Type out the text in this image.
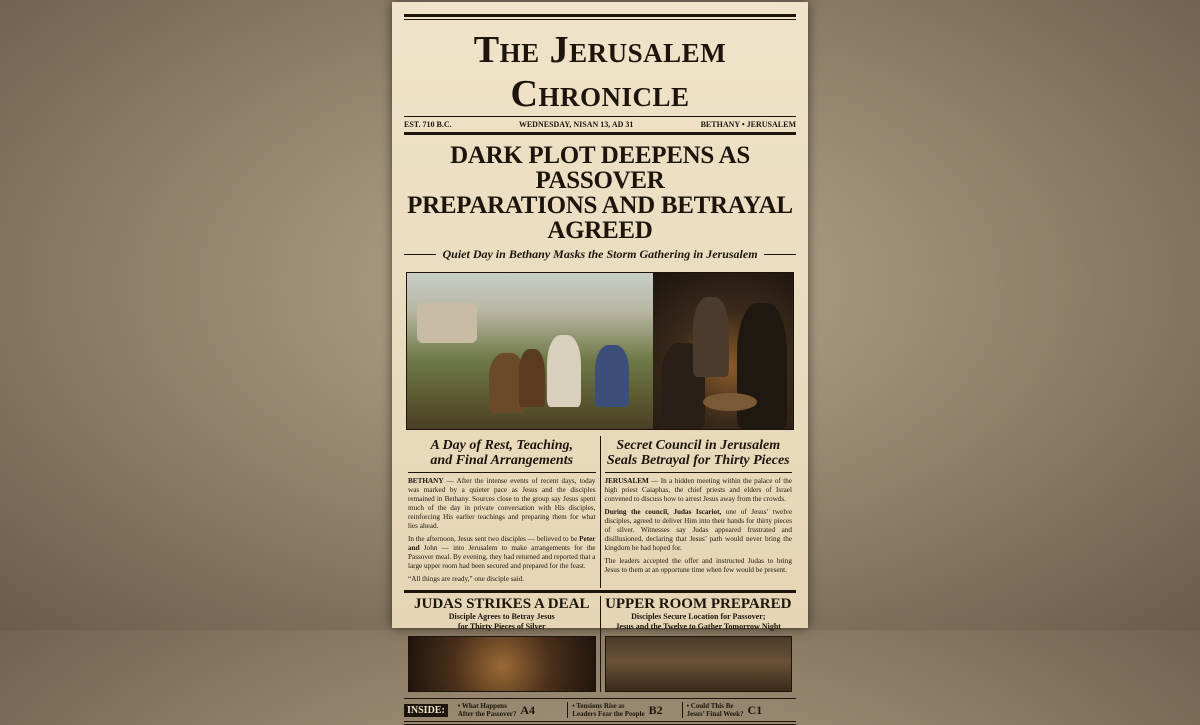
The Jerusalem Chronicle
EST. 710 B.C.	WEDNESDAY, NISAN 13, AD 31	BETHANY • JERUSALEM
DARK PLOT DEEPENS AS PASSOVER
PREPARATIONS AND BETRAYAL AGREED
Quiet Day in Bethany Masks the Storm Gathering in Jerusalem
A Day of Rest, Teaching,
and Final Arrangements

BETHANY — After the intense events of recent days, today was marked by a quieter pace as Jesus and the disciples remained in Bethany. Sources close to the group say Jesus spent much of the day in private conversation with His disciples, reinforcing His earlier teachings and preparing them for what lies ahead.

In the afternoon, Jesus sent two disciples — believed to be Peter and John — into Jerusalem to make arrangements for the Passover meal. By evening, they had returned and reported that a large upper room had been secured and prepared for the feast.

“All things are ready,” one disciple said.

Secret Council in Jerusalem
Seals Betrayal for Thirty Pieces

JERUSALEM — In a hidden meeting within the palace of the high priest Caiaphas, the chief priests and elders of Israel convened to discuss how to arrest Jesus away from the crowds.

During the council, Judas Iscariot, one of Jesus’ twelve disciples, agreed to deliver Him into their hands for thirty pieces of silver. Witnesses say Judas appeared frustrated and disillusioned, declaring that Jesus’ path would never bring the kingdom he had hoped for.

The leaders accepted the offer and instructed Judas to bring Jesus to them at an opportune time when few would be present.

JUDAS STRIKES A DEAL
Disciple Agrees to Betray Jesus
for Thirty Pieces of Silver
UPPER ROOM PREPARED
Disciples Secure Location for Passover;
Jesus and the Twelve to Gather Tomorrow Night
INSIDE:	• What Happens
After the Passover? A4	• Tensions Rise as
Leaders Fear the People B2	• Could This Be
Jesus’ Final Week? C1
